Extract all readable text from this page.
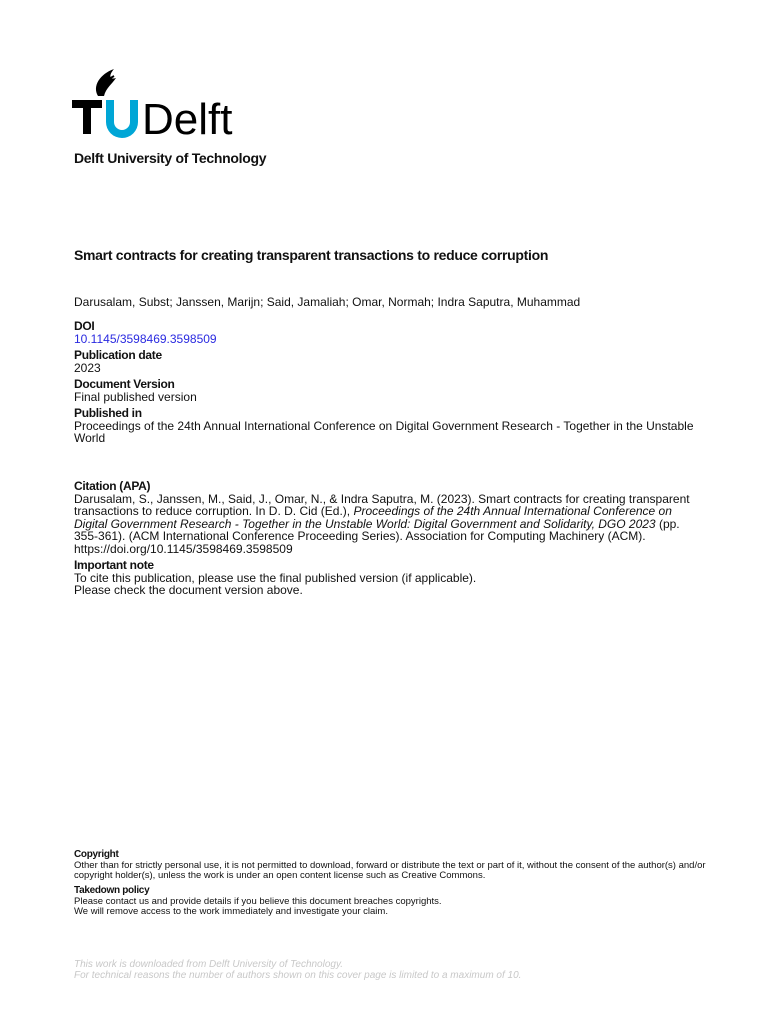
Delft
Delft University of Technology
Smart contracts for creating transparent transactions to reduce corruption
Darusalam, Subst; Janssen, Marijn; Said, Jamaliah; Omar, Normah; Indra Saputra, Muhammad
DOI
10.1145/3598469.3598509
Publication date
2023
Document Version
Final published version
Published in
Proceedings of the 24th Annual International Conference on Digital Government Research - Together in the Unstable World
Citation (APA)
Darusalam, S., Janssen, M., Said, J., Omar, N., & Indra Saputra, M. (2023). Smart contracts for creating transparent transactions to reduce corruption. In D. D. Cid (Ed.), Proceedings of the 24th Annual International Conference on Digital Government Research - Together in the Unstable World: Digital Government and Solidarity, DGO 2023 (pp. 355-361). (ACM International Conference Proceeding Series). Association for Computing Machinery (ACM). https://doi.org/10.1145/3598469.3598509
Important note
To cite this publication, please use the final published version (if applicable).
Please check the document version above.
Copyright
Other than for strictly personal use, it is not permitted to download, forward or distribute the text or part of it, without the consent of the author(s) and/or copyright holder(s), unless the work is under an open content license such as Creative Commons.
Takedown policy
Please contact us and provide details if you believe this document breaches copyrights.
We will remove access to the work immediately and investigate your claim.
This work is downloaded from Delft University of Technology.
For technical reasons the number of authors shown on this cover page is limited to a maximum of 10.
